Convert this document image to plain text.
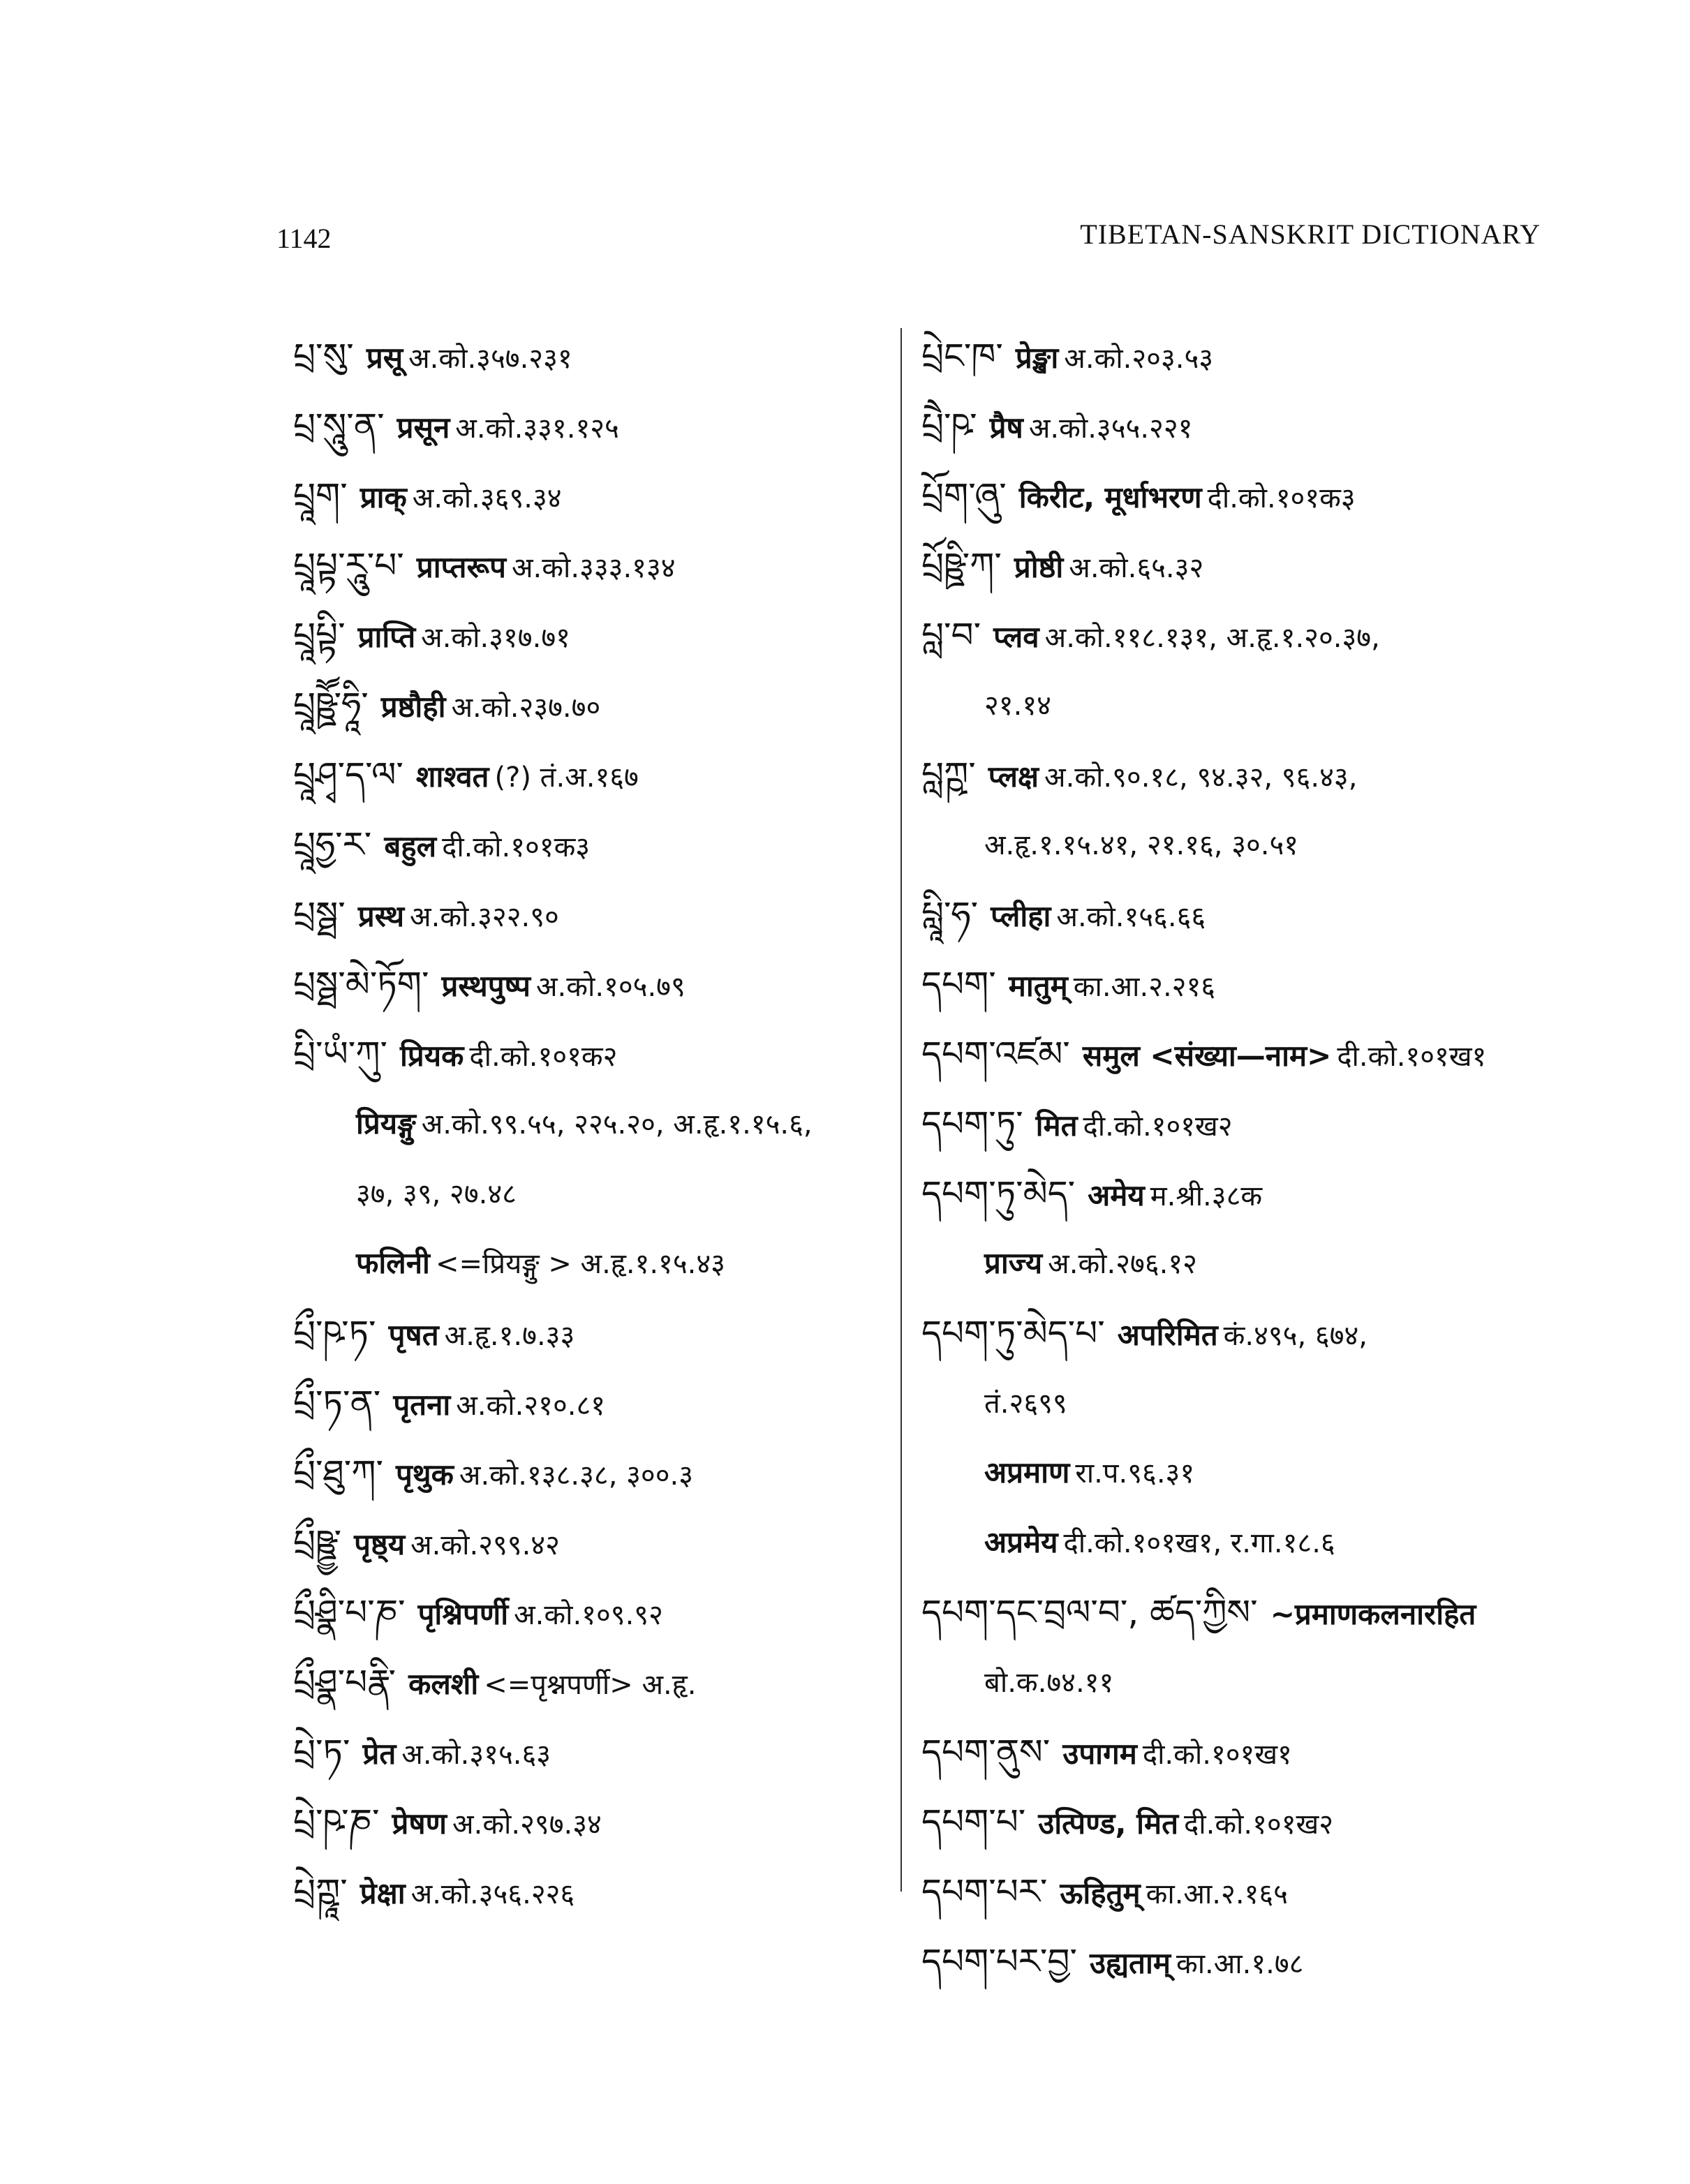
1142	TIBETAN-SANSKRIT DICTIONARY
པྲ་སུ་ प्रसू अ.को.३५७.२३१
པྲ་སཱུ་ན་ प्रसून अ.को.३३१.१२५
པྲཱག་ प्राक् अ.को.३६९.३४
པྲཱཔྟ་རཱུ་པ་ प्राप्तरूप अ.को.३३३.१३४
པྲཱཔྟི་ प्राप्ति अ.को.३१७.७१
པྲཱཥྛཽ་ཧཱི་ प्रष्ठौही अ.को.२३७.७०
པྲཱཤྭ་ད་ལ་ शाश्वत (?) तं.अ.१६७
པྲཱཧྱ་ར་ बहुल दी.को.१०१क३
པྲསྠ་ प्रस्थ अ.को.३२२.९०
པྲསྠ་མེ་ཏོག་ प्रस्थपुष्प अ.को.१०५.७९
པྲི་ཡཾ་ཀུ་ प्रियक दी.को.१०१क२
प्रियङ्गु अ.को.९९.५५, २२५.२०, अ.हृ.१.१५.६,
३७, ३९, २७.४८
फलिनी <=प्रियङ्गु > अ.हृ.१.१५.४३
པྲྀ་ཥ་ཏ་ पृषत अ.हृ.१.७.३३
པྲྀ་ཏ་ན་ पृतना अ.को.२१०.८१
པྲྀ་ཐུ་ཀ་ पृथुक अ.को.१३८.३८, ३००.३
པྲྀཥྛྱ་ पृष्ठ्य अ.को.२९९.४२
པྲྀཤྣི་པ་ཎ་ पृश्निपर्णी अ.को.१०९.९२
པྲྀཤྣ་པརྣི་ कलशी <=पृश्नपर्णी> अ.हृ.
པྲེ་ཏ་ प्रेत अ.को.३१५.६३
པྲེ་ཥ་ཎ་ प्रेषण अ.को.२९७.३४
པྲེཀྵཱ་ प्रेक्षा अ.को.३५६.२२६
པྲེང་ཁ་ प्रेङ्खा अ.को.२०३.५३
པྲཻ་ཥ་ प्रैष अ.को.३५५.२२१
པྲོག་ཞུ་ किरीट, मूर्धाभरण दी.को.१०१क३
པྲོཥྛི་ཀ་ प्रोष्ठी अ.को.६५.३२
པླ་བ་ प्लव अ.को.११८.१३१, अ.हृ.१.२०.३७,
२१.१४
པླཀྵ་ प्लक्ष अ.को.९०.१८, ९४.३२, ९६.४३,
अ.हृ.१.१५.४१, २१.१६, ३०.५१
པླཱི་ཧ་ प्लीहा अ.को.१५६.६६
དཔག་ मातुम् का.आ.२.२१६
དཔག་འཛམ་ समुल <संख्या—नाम> दी.को.१०१ख१
དཔག་ཏུ་ मित दी.को.१०१ख२
དཔག་ཏུ་མེད་ अमेय म.श्री.३८क
प्राज्य अ.को.२७६.१२
དཔག་ཏུ་མེད་པ་ अपरिमित कं.४९५, ६७४,
तं.२६९९
अप्रमाण रा.प.९६.३१
अप्रमेय दी.को.१०१ख१, र.गा.१८.६
དཔག་དང་བྲལ་བ་, ཚད་ཀྱིས་ ~प्रमाणकलनारहित
बो.क.७४.११
དཔག་ནུས་ उपागम दी.को.१०१ख१
དཔག་པ་ उत्पिण्ड, मित दी.को.१०१ख२
དཔག་པར་ ऊहितुम् का.आ.२.१६५
དཔག་པར་བྱ་ उह्यताम् का.आ.१.७८
